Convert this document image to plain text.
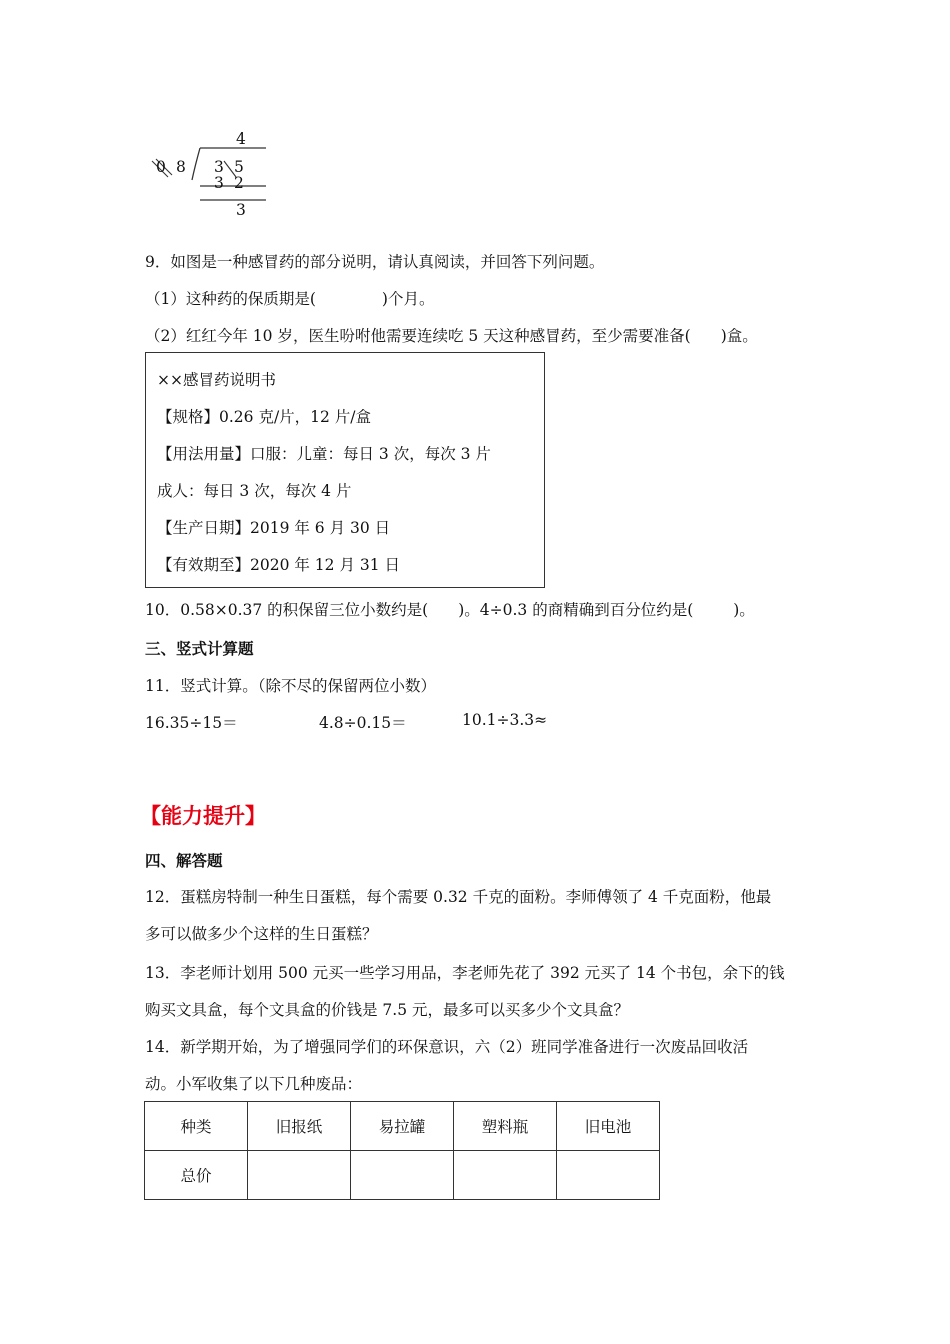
4
0 8 3 5
3 2
3
9．如图是一种感冒药的部分说明，请认真阅读，并回答下列问题。
（1）这种药的保质期是(	)个月。
（2）红红今年 10 岁，医生吩咐他需要连续吃 5 天这种感冒药，至少需要准备( )盒。
××感冒药说明书
【规格】0.26 克/片，12 片/盒
【用法用量】口服：儿童：每日 3 次，每次 3 片
成人：每日 3 次，每次 4 片
【生产日期】2019 年 6 月 30 日
【有效期至】2020 年 12 月 31 日
10．0.58×0.37 的积保留三位小数约是( )。4÷0.3 的商精确到百分位约是(	)。
三、竖式计算题
11．竖式计算。（除不尽的保留两位小数）
16.35÷15＝	4.8÷0.15＝	10.1÷3.3≈
【能力提升】
四、解答题
12．蛋糕房特制一种生日蛋糕，每个需要 0.32 千克的面粉。李师傅领了 4 千克面粉，他最
多可以做多少个这样的生日蛋糕？
13．李老师计划用 500 元买一些学习用品，李老师先花了 392 元买了 14 个书包，余下的钱
购买文具盒，每个文具盒的价钱是 7.5 元，最多可以买多少个文具盒？
14．新学期开始，为了增强同学们的环保意识，六（2）班同学准备进行一次废品回收活
动。小军收集了以下几种废品：
种类	旧报纸	易拉罐	塑料瓶	旧电池
总价				
